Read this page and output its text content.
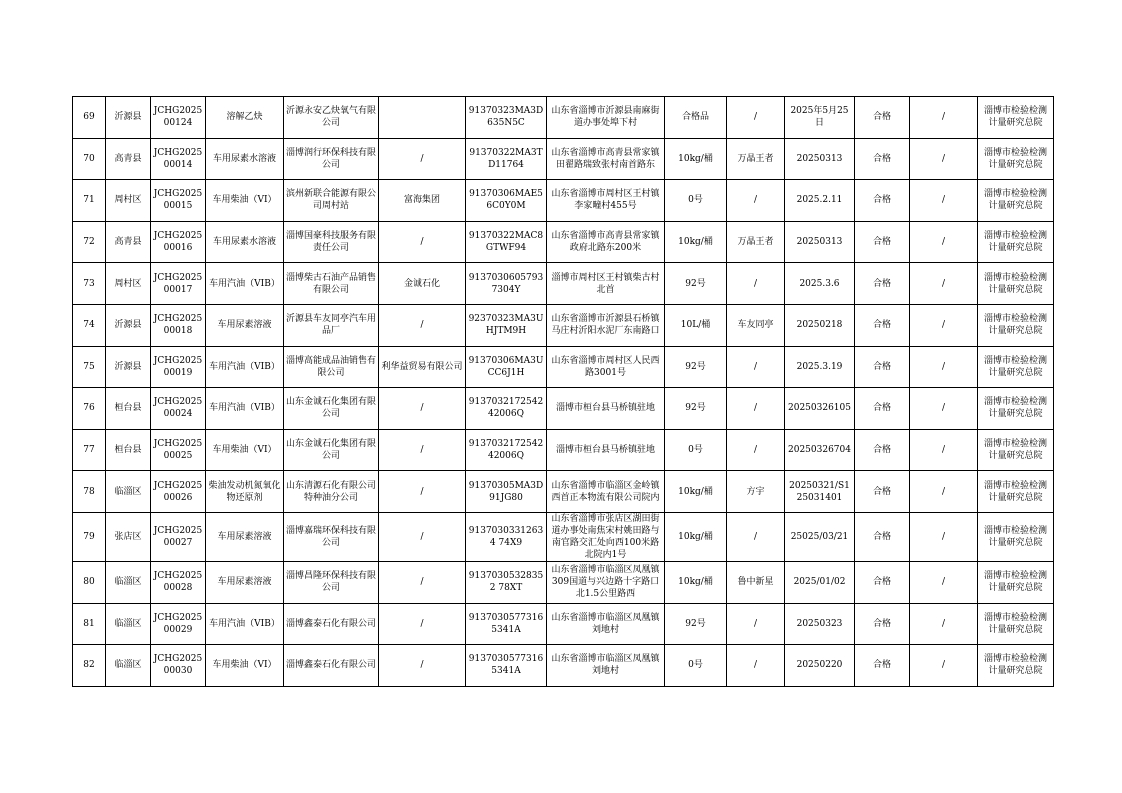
69	沂源县	JCHG202500124	溶解乙炔	沂源永安乙炔氧气有限公司		91370323MA3D635N5C	山东省淄博市沂源县南麻街道办事处埠下村	合格品	/	2025年5月25日	合格	/	淄博市检验检测计量研究总院
70	高青县	JCHG202500014	车用尿素水溶液	淄博润行环保科技有限公司	/	91370322MA3TD11764	山东省淄博市高青县常家镇田翟路瑞致张村南首路东	10kg/桶	万晶王者	20250313	合格	/	淄博市检验检测计量研究总院
71	周村区	JCHG202500015	车用柴油（VI）	滨州新联合能源有限公司周村站	富海集团	91370306MAE56C0Y0M	山东省淄博市周村区王村镇李家疃村455号	0号	/	2025.2.11	合格	/	淄博市检验检测计量研究总院
72	高青县	JCHG202500016	车用尿素水溶液	淄博国豪科技服务有限责任公司	/	91370322MAC8GTWF94	山东省淄博市高青县常家镇政府北路东200米	10kg/桶	万晶王者	20250313	合格	/	淄博市检验检测计量研究总院
73	周村区	JCHG202500017	车用汽油（VIB）	淄博柴古石油产品销售有限公司	金诚石化	91370306057937304Y	淄博市周村区王村镇柴古村北首	92号	/	2025.3.6	合格	/	淄博市检验检测计量研究总院
74	沂源县	JCHG202500018	车用尿素溶液	沂源县车友同亭汽车用品厂	/	92370323MA3UHJTM9H	山东省淄博市沂源县石桥镇马庄村沂阳水泥厂东南路口	10L/桶	车友同亭	20250218	合格	/	淄博市检验检测计量研究总院
75	沂源县	JCHG202500019	车用汽油（VIB）	淄博高能成品油销售有限公司	利华益贸易有限公司	91370306MA3UCC6J1H	山东省淄博市周村区人民西路3001号	92号	/	2025.3.19	合格	/	淄博市检验检测计量研究总院
76	桓台县	JCHG202500024	车用汽油（VIB）	山东金诚石化集团有限公司	/	913703217254242006Q	淄博市桓台县马桥镇驻地	92号	/	20250326105	合格	/	淄博市检验检测计量研究总院
77	桓台县	JCHG202500025	车用柴油（VI）	山东金诚石化集团有限公司	/	913703217254242006Q	淄博市桓台县马桥镇驻地	0号	/	20250326704	合格	/	淄博市检验检测计量研究总院
78	临淄区	JCHG202500026	柴油发动机氮氧化物还原剂	山东清源石化有限公司特种油分公司	/	91370305MA3D91JG80	山东省淄博市临淄区金岭镇西首正本物流有限公司院内	10kg/桶	方宇	20250321/S125031401	合格	/	淄博市检验检测计量研究总院
79	张店区	JCHG202500027	车用尿素溶液	淄博嘉瑞环保科技有限公司	/	91370303312634 74X9	山东省淄博市张店区湖田街道办事处南焦宋村姚田路与南官路交汇处向西100米路北院内1号	10kg/桶	/	25025/03/21	合格	/	淄博市检验检测计量研究总院
80	临淄区	JCHG202500028	车用尿素溶液	淄博昌隆环保科技有限公司	/	91370305328352 78XT	山东省淄博市临淄区凤凰镇309国道与兴边路十字路口北1.5公里路西	10kg/桶	鲁中新星	2025/01/02	合格	/	淄博市检验检测计量研究总院
81	临淄区	JCHG202500029	车用汽油（VIB）	淄博鑫泰石化有限公司	/	91370305773165341A	山东省淄博市临淄区凤凰镇刘地村	92号	/	20250323	合格	/	淄博市检验检测计量研究总院
82	临淄区	JCHG202500030	车用柴油（VI）	淄博鑫泰石化有限公司	/	91370305773165341A	山东省淄博市临淄区凤凰镇刘地村	0号	/	20250220	合格	/	淄博市检验检测计量研究总院
